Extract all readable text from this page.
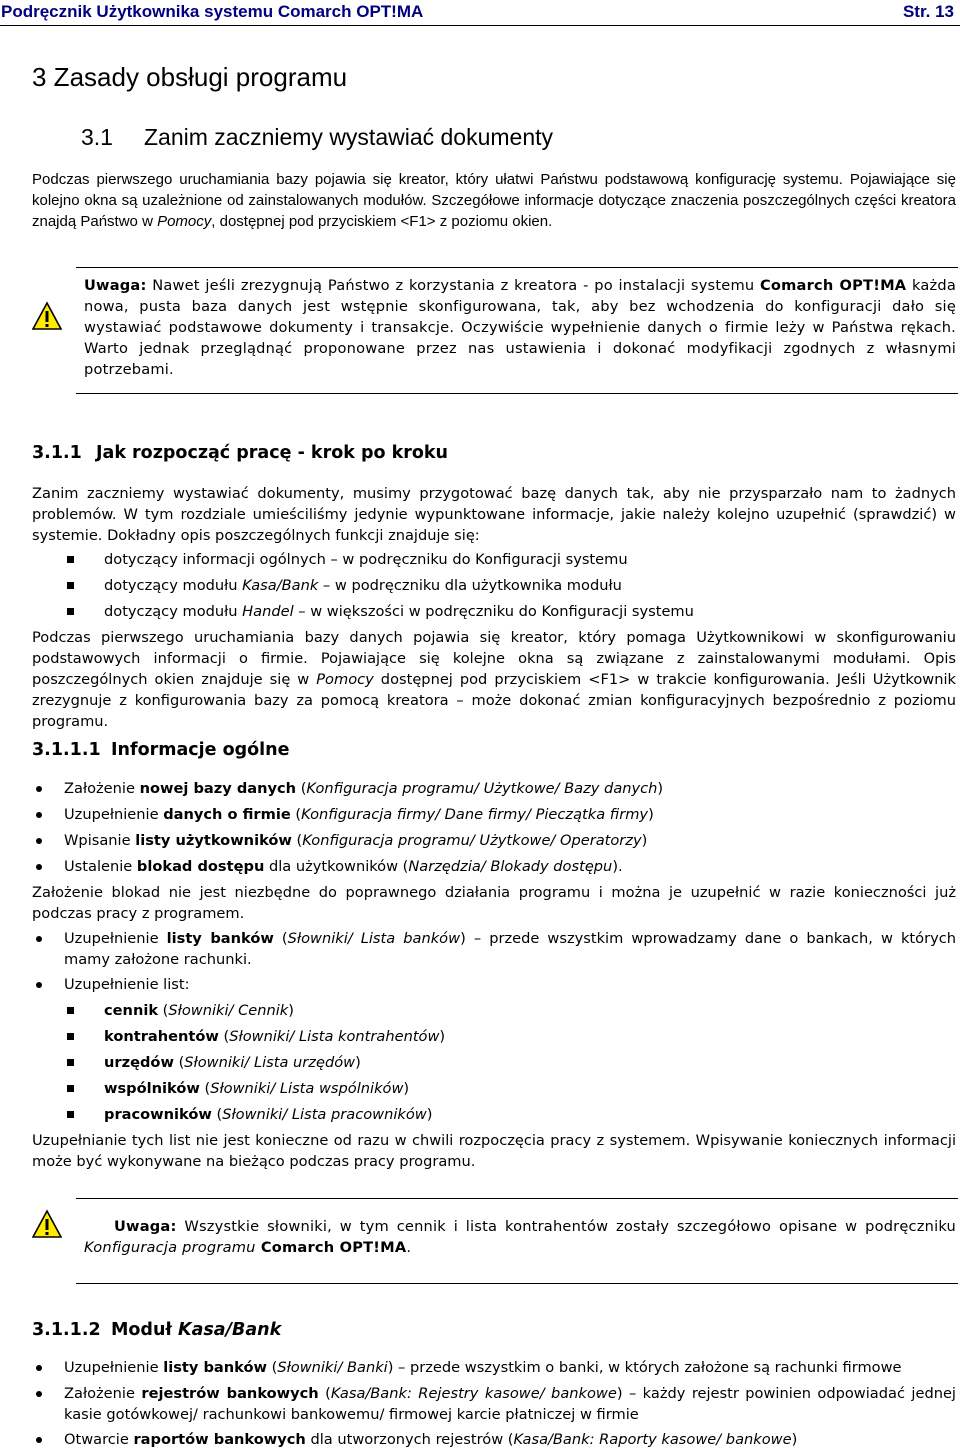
Podręcznik Użytkownika systemu Comarch OPT!MA	Str. 13
3 Zasady obsługi programu
3.1 Zanim zaczniemy wystawiać dokumenty
Podczas pierwszego uruchamiania bazy pojawia się kreator, który ułatwi Państwu podstawową konfigurację systemu. Pojawiające się kolejno okna są uzależnione od zainstalowanych modułów. Szczegółowe informacje dotyczące znaczenia poszczególnych części kreatora znajdą Państwo w Pomocy, dostępnej pod przyciskiem <F1> z poziomu okien.
Uwaga: Nawet jeśli zrezygnują Państwo z korzystania z kreatora - po instalacji systemu Comarch OPT!MA każda nowa, pusta baza danych jest wstępnie skonfigurowana, tak, aby bez wchodzenia do konfiguracji dało się wystawiać podstawowe dokumenty i transakcje. Oczywiście wypełnienie danych o firmie leży w Państwa rękach. Warto jednak przeglądnąć proponowane przez nas ustawienia i dokonać modyfikacji zgodnych z własnymi potrzebami.
3.1.1 Jak rozpocząć pracę - krok po kroku
Zanim zaczniemy wystawiać dokumenty, musimy przygotować bazę danych tak, aby nie przysparzało nam to żadnych problemów. W tym rozdziale umieściliśmy jedynie wypunktowane informacje, jakie należy kolejno uzupełnić (sprawdzić) w systemie. Dokładny opis poszczególnych funkcji znajduje się:
dotyczący informacji ogólnych – w podręczniku do Konfiguracji systemu
dotyczący modułu Kasa/Bank – w podręczniku dla użytkownika modułu
dotyczący modułu Handel – w większości w podręczniku do Konfiguracji systemu
Podczas pierwszego uruchamiania bazy danych pojawia się kreator, który pomaga Użytkownikowi w skonfigurowaniu podstawowych informacji o firmie. Pojawiające się kolejne okna są związane z zainstalowanymi modułami. Opis poszczególnych okien znajduje się w Pomocy dostępnej pod przyciskiem <F1> w trakcie konfigurowania. Jeśli Użytkownik zrezygnuje z konfigurowania bazy za pomocą kreatora – może dokonać zmian konfiguracyjnych bezpośrednio z poziomu programu.
3.1.1.1 Informacje ogólne
Założenie nowej bazy danych (Konfiguracja programu/ Użytkowe/ Bazy danych)
Uzupełnienie danych o firmie (Konfiguracja firmy/ Dane firmy/ Pieczątka firmy)
Wpisanie listy użytkowników (Konfiguracja programu/ Użytkowe/ Operatorzy)
Ustalenie blokad dostępu dla użytkowników (Narzędzia/ Blokady dostępu).
Założenie blokad nie jest niezbędne do poprawnego działania programu i można je uzupełnić w razie konieczności już podczas pracy z programem.
Uzupełnienie listy banków (Słowniki/ Lista banków) – przede wszystkim wprowadzamy dane o bankach, w których mamy założone rachunki.
Uzupełnienie list:
cennik (Słowniki/ Cennik)
kontrahentów (Słowniki/ Lista kontrahentów)
urzędów (Słowniki/ Lista urzędów)
wspólników (Słowniki/ Lista wspólników)
pracowników (Słowniki/ Lista pracowników)
Uzupełnianie tych list nie jest konieczne od razu w chwili rozpoczęcia pracy z systemem. Wpisywanie koniecznych informacji może być wykonywane na bieżąco podczas pracy programu.
Uwaga: Wszystkie słowniki, w tym cennik i lista kontrahentów zostały szczegółowo opisane w podręczniku Konfiguracja programu Comarch OPT!MA.
3.1.1.2 Moduł Kasa/Bank
Uzupełnienie listy banków (Słowniki/ Banki) – przede wszystkim o banki, w których założone są rachunki firmowe
Założenie rejestrów bankowych (Kasa/Bank: Rejestry kasowe/ bankowe) – każdy rejestr powinien odpowiadać jednej kasie gotówkowej/ rachunkowi bankowemu/ firmowej karcie płatniczej w firmie
Otwarcie raportów bankowych dla utworzonych rejestrów (Kasa/Bank: Raporty kasowe/ bankowe)
